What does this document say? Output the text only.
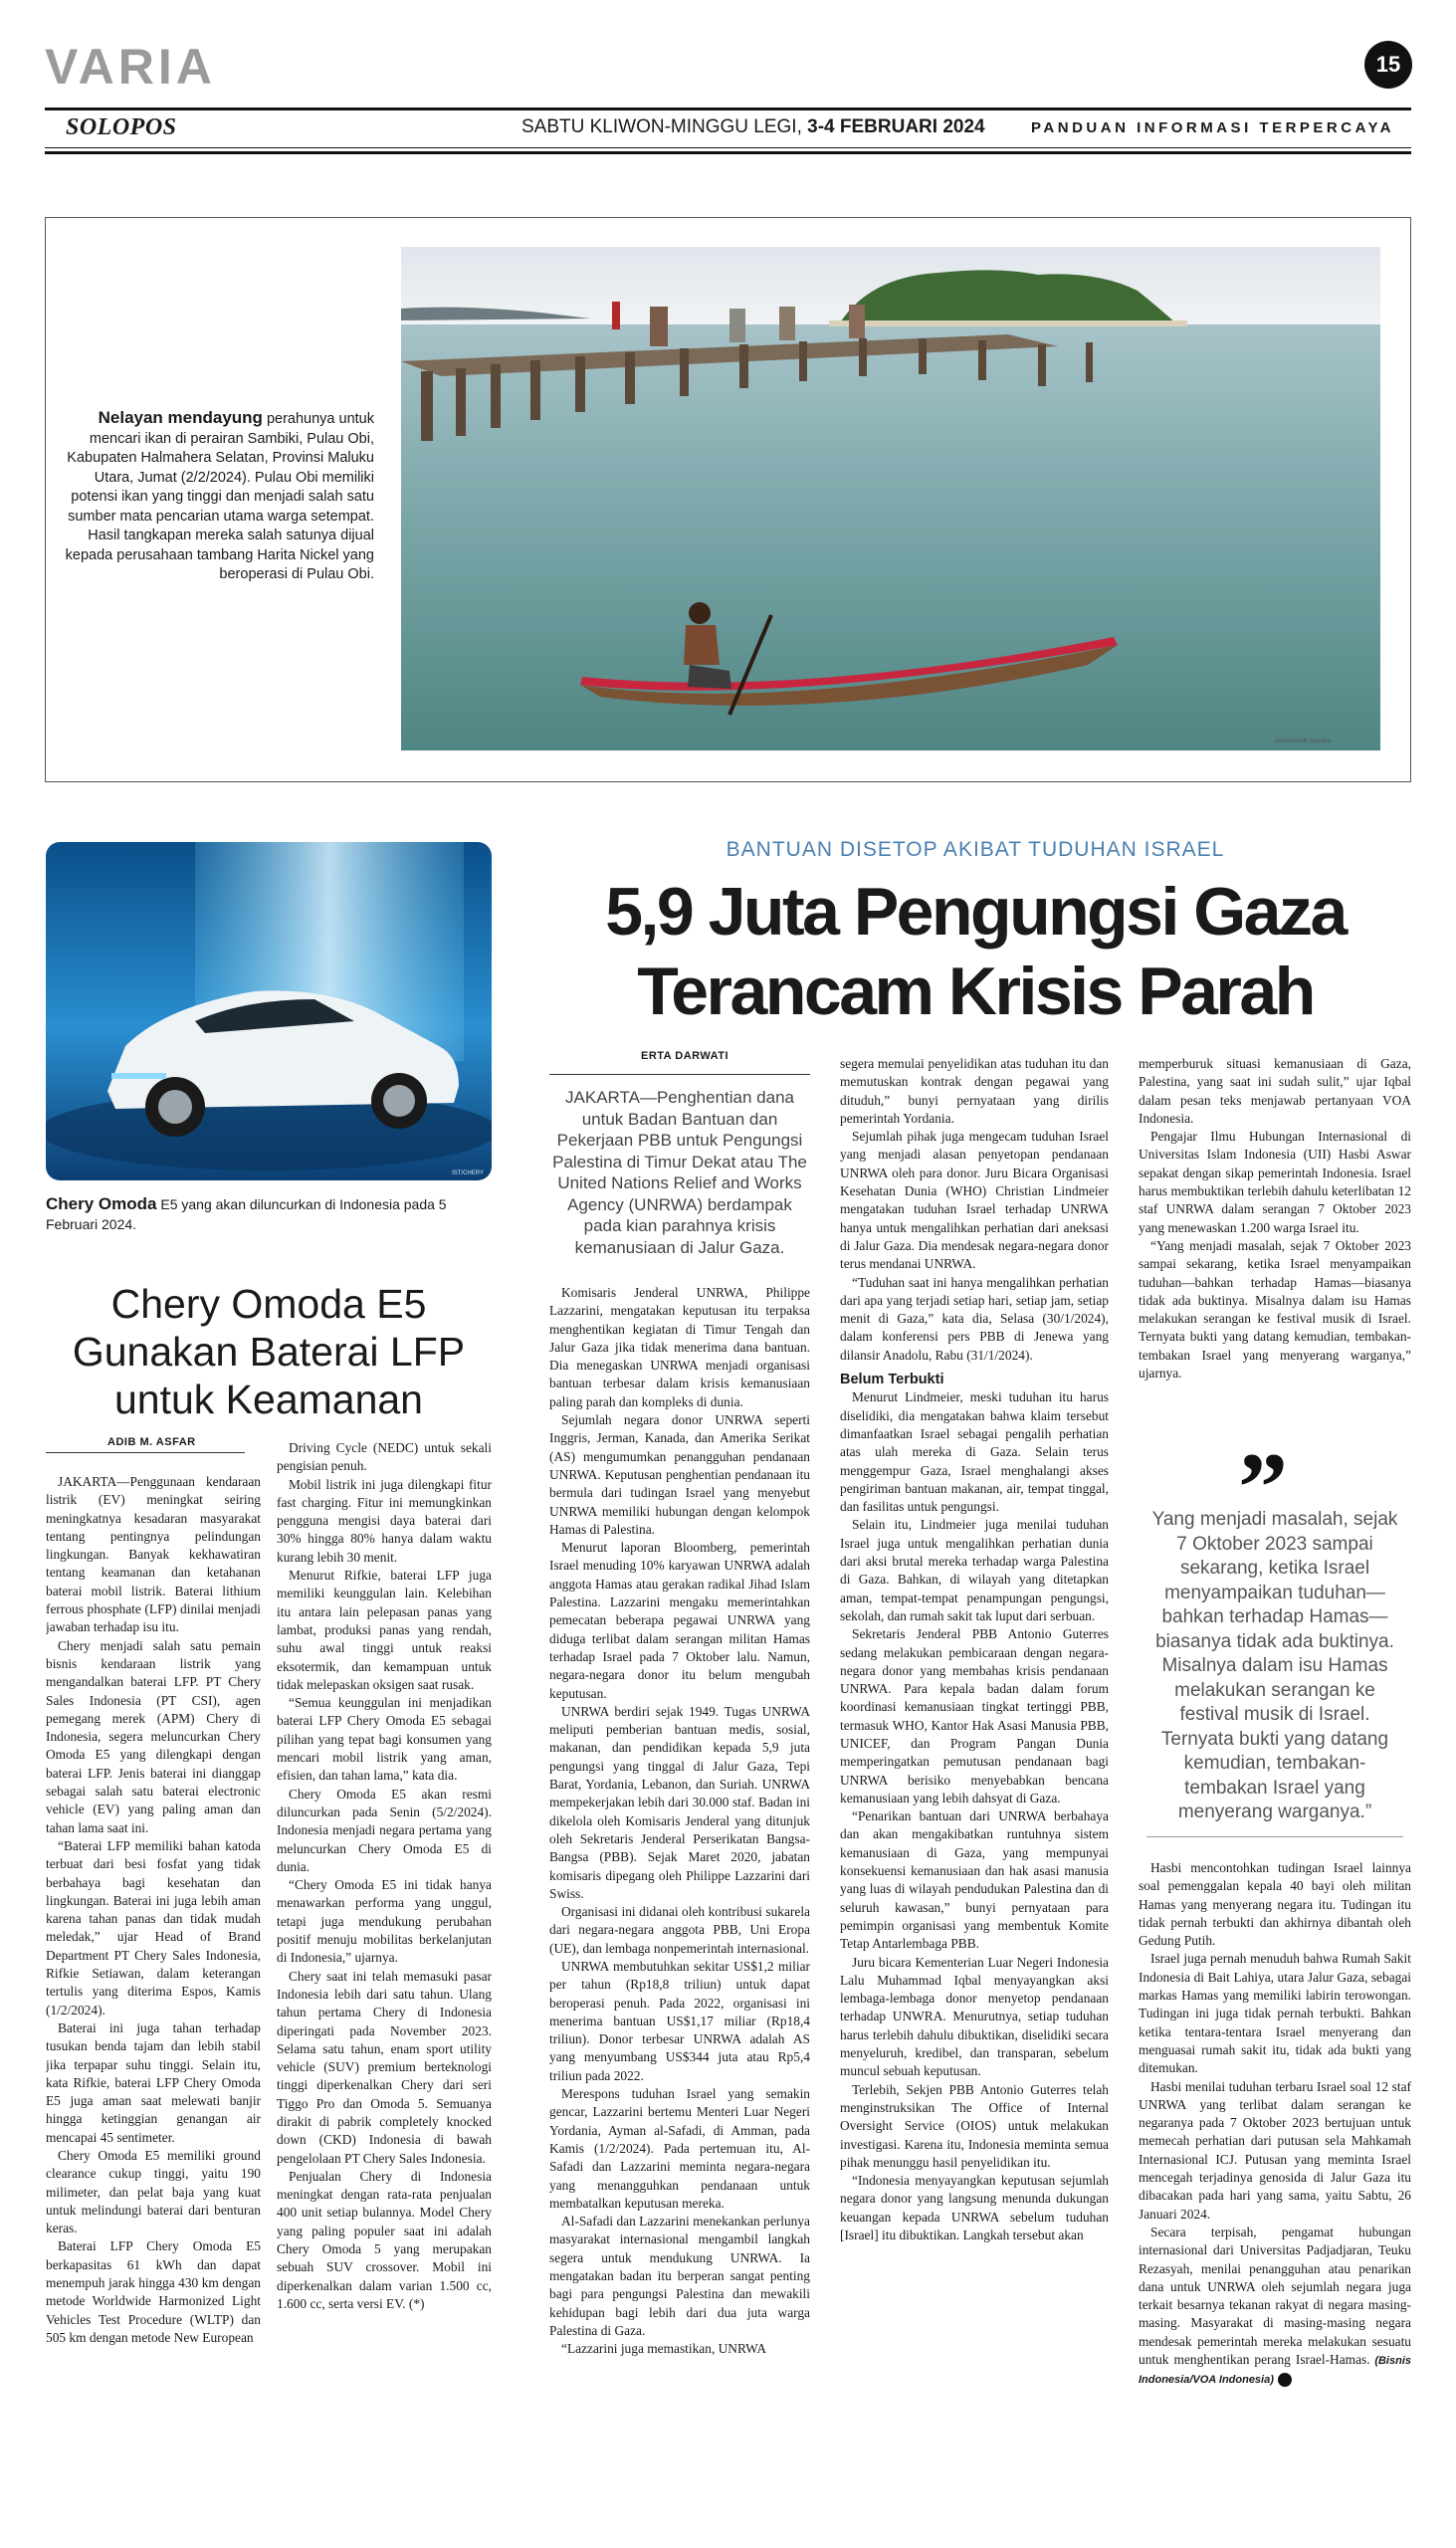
VARIA	15
SOLOPOS	SABTU KLIWON-MINGGU LEGI, 3-4 FEBRUARI 2024	PANDUAN INFORMASI TERPERCAYA
Nelayan mendayung perahunya untuk mencari ikan di perairan Sambiki, Pulau Obi, Kabupaten Halmahera Selatan, Provinsi Maluku Utara, Jumat (2/2/2024). Pulau Obi memiliki potensi ikan yang tinggi dan menjadi salah satu sumber mata pencarian utama warga setempat. Hasil tangkapan mereka salah satunya dijual kepada perusahaan tambang Harita Nickel yang beroperasi di Pulau Obi.
Antara/Andri Saputra
IST/CHERY
Chery Omoda E5 yang akan diluncurkan di Indonesia pada 5 Februari 2024.
Chery Omoda E5 Gunakan Baterai LFP untuk Keamanan
ADIB M. ASFAR

JAKARTA—Penggunaan kendaraan listrik (EV) meningkat seiring meningkatnya kesadaran masyarakat tentang pentingnya pelindungan lingkungan. Banyak kekhawatiran tentang keamanan dan ketahanan baterai mobil listrik. Baterai lithium ferrous phosphate (LFP) dinilai menjadi jawaban terhadap isu itu.

Chery menjadi salah satu pemain bisnis kendaraan listrik yang mengandalkan baterai LFP. PT Chery Sales Indonesia (PT CSI), agen pemegang merek (APM) Chery di Indonesia, segera meluncurkan Chery Omoda E5 yang dilengkapi dengan baterai LFP. Jenis baterai ini dianggap sebagai salah satu baterai electronic vehicle (EV) yang paling aman dan tahan lama saat ini.

“Baterai LFP memiliki bahan katoda terbuat dari besi fosfat yang tidak berbahaya bagi kesehatan dan lingkungan. Baterai ini juga lebih aman karena tahan panas dan tidak mudah meledak,” ujar Head of Brand Department PT Chery Sales Indonesia, Rifkie Setiawan, dalam keterangan tertulis yang diterima Espos, Kamis (1/2/2024).

Baterai ini juga tahan terhadap tusukan benda tajam dan lebih stabil jika terpapar suhu tinggi. Selain itu, kata Rifkie, baterai LFP Chery Omoda E5 juga aman saat melewati banjir hingga ketinggian genangan air mencapai 45 sentimeter.

Chery Omoda E5 memiliki ground clearance cukup tinggi, yaitu 190 milimeter, dan pelat baja yang kuat untuk melindungi baterai dari benturan keras.

Baterai LFP Chery Omoda E5 berkapasitas 61 kWh dan dapat menempuh jarak hingga 430 km dengan metode Worldwide Harmonized Light Vehicles Test Procedure (WLTP) dan 505 km dengan metode New European

Driving Cycle (NEDC) untuk sekali pengisian penuh.

Mobil listrik ini juga dilengkapi fitur fast charging. Fitur ini memungkinkan pengguna mengisi daya baterai dari 30% hingga 80% hanya dalam waktu kurang lebih 30 menit.

Menurut Rifkie, baterai LFP juga memiliki keunggulan lain. Kelebihan itu antara lain pelepasan panas yang lambat, produksi panas yang rendah, suhu awal tinggi untuk reaksi eksotermik, dan kemampuan untuk tidak melepaskan oksigen saat rusak.

“Semua keunggulan ini menjadikan baterai LFP Chery Omoda E5 sebagai pilihan yang tepat bagi konsumen yang mencari mobil listrik yang aman, efisien, dan tahan lama,” kata dia.

Chery Omoda E5 akan resmi diluncurkan pada Senin (5/2/2024). Indonesia menjadi negara pertama yang meluncurkan Chery Omoda E5 di dunia.

“Chery Omoda E5 ini tidak hanya menawarkan performa yang unggul, tetapi juga mendukung perubahan positif menuju mobilitas berkelanjutan di Indonesia,” ujarnya.

Chery saat ini telah memasuki pasar Indonesia lebih dari satu tahun. Ulang tahun pertama Chery di Indonesia diperingati pada November 2023. Selama satu tahun, enam sport utility vehicle (SUV) premium berteknologi tinggi diperkenalkan Chery dari seri Tiggo Pro dan Omoda 5. Semuanya dirakit di pabrik completely knocked down (CKD) Indonesia di bawah pengelolaan PT Chery Sales Indonesia.

Penjualan Chery di Indonesia meningkat dengan rata-rata penjualan 400 unit setiap bulannya. Model Chery yang paling populer saat ini adalah Chery Omoda 5 yang merupakan sebuah SUV crossover. Mobil ini diperkenalkan dalam varian 1.500 cc, 1.600 cc, serta versi EV. (*)

BANTUAN DISETOP AKIBAT TUDUHAN ISRAEL
5,9 Juta Pengungsi Gaza
Terancam Krisis Parah
ERTA DARWATI
JAKARTA—Penghentian dana untuk Badan Bantuan dan Pekerjaan PBB untuk Pengungsi Palestina di Timur Dekat atau The United Nations Relief and Works Agency (UNRWA) berdampak pada kian parahnya krisis kemanusiaan di Jalur Gaza.

Komisaris Jenderal UNRWA, Philippe Lazzarini, mengatakan keputusan itu terpaksa menghentikan kegiatan di Timur Tengah dan Jalur Gaza jika tidak menerima dana bantuan. Dia menegaskan UNRWA menjadi organisasi bantuan terbesar dalam krisis kemanusiaan paling parah dan kompleks di dunia.

Sejumlah negara donor UNRWA seperti Inggris, Jerman, Kanada, dan Amerika Serikat (AS) mengumumkan penangguhan pendanaan UNRWA. Keputusan penghentian pendanaan itu bermula dari tudingan Israel yang menyebut UNRWA memiliki hubungan dengan kelompok Hamas di Palestina.

Menurut laporan Bloomberg, pemerintah Israel menuding 10% karyawan UNRWA adalah anggota Hamas atau gerakan radikal Jihad Islam Palestina. Lazzarini mengaku memerintahkan pemecatan beberapa pegawai UNRWA yang diduga terlibat dalam serangan militan Hamas terhadap Israel pada 7 Oktober lalu. Namun, negara-negara donor itu belum mengubah keputusan.

UNRWA berdiri sejak 1949. Tugas UNRWA meliputi pemberian bantuan medis, sosial, makanan, dan pendidikan kepada 5,9 juta pengungsi yang tinggal di Jalur Gaza, Tepi Barat, Yordania, Lebanon, dan Suriah. UNRWA mempekerjakan lebih dari 30.000 staf. Badan ini dikelola oleh Komisaris Jenderal yang ditunjuk oleh Sekretaris Jenderal Perserikatan Bangsa-Bangsa (PBB). Sejak Maret 2020, jabatan komisaris dipegang oleh Philippe Lazzarini dari Swiss.

Organisasi ini didanai oleh kontribusi sukarela dari negara-negara anggota PBB, Uni Eropa (UE), dan lembaga nonpemerintah internasional.

UNRWA membutuhkan sekitar US$1,2 miliar per tahun (Rp18,8 triliun) untuk dapat beroperasi penuh. Pada 2022, organisasi ini menerima bantuan US$1,17 miliar (Rp18,4 triliun). Donor terbesar UNRWA adalah AS yang menyumbang US$344 juta atau Rp5,4 triliun pada 2022.

Merespons tuduhan Israel yang semakin gencar, Lazzarini bertemu Menteri Luar Negeri Yordania, Ayman al-Safadi, di Amman, pada Kamis (1/2/2024). Pada pertemuan itu, Al-Safadi dan Lazzarini meminta negara-negara yang menangguhkan pendanaan untuk membatalkan keputusan mereka.

Al-Safadi dan Lazzarini menekankan perlunya masyarakat internasional mengambil langkah segera untuk mendukung UNRWA. Ia mengatakan badan itu berperan sangat penting bagi para pengungsi Palestina dan mewakili kehidupan bagi lebih dari dua juta warga Palestina di Gaza.

“Lazzarini juga memastikan, UNRWA

segera memulai penyelidikan atas tuduhan itu dan memutuskan kontrak dengan pegawai yang dituduh,” bunyi pernyataan yang dirilis pemerintah Yordania.

Sejumlah pihak juga mengecam tuduhan Israel yang menjadi alasan penyetopan pendanaan UNRWA oleh para donor. Juru Bicara Organisasi Kesehatan Dunia (WHO) Christian Lindmeier mengatakan tuduhan Israel terhadap UNRWA hanya untuk mengalihkan perhatian dari aneksasi di Jalur Gaza. Dia mendesak negara-negara donor terus mendanai UNRWA.

“Tuduhan saat ini hanya mengalihkan perhatian dari apa yang terjadi setiap hari, setiap jam, setiap menit di Gaza,” kata dia, Selasa (30/1/2024), dalam konferensi pers PBB di Jenewa yang dilansir Anadolu, Rabu (31/1/2024).

Belum Terbukti

Menurut Lindmeier, meski tuduhan itu harus diselidiki, dia mengatakan bahwa klaim tersebut dimanfaatkan Israel sebagai pengalih perhatian atas ulah mereka di Gaza. Selain terus menggempur Gaza, Israel menghalangi akses pengiriman bantuan makanan, air, tempat tinggal, dan fasilitas untuk pengungsi.

Selain itu, Lindmeier juga menilai tuduhan Israel juga untuk mengalihkan perhatian dunia dari aksi brutal mereka terhadap warga Palestina di Gaza. Bahkan, di wilayah yang ditetapkan aman, tempat-tempat penampungan pengungsi, sekolah, dan rumah sakit tak luput dari serbuan.

Sekretaris Jenderal PBB Antonio Guterres sedang melakukan pembicaraan dengan negara-negara donor yang membahas krisis pendanaan UNRWA. Para kepala badan dalam forum koordinasi kemanusiaan tingkat tertinggi PBB, termasuk WHO, Kantor Hak Asasi Manusia PBB, UNICEF, dan Program Pangan Dunia memperingatkan pemutusan pendanaan bagi UNRWA berisiko menyebabkan bencana kemanusiaan yang lebih dahsyat di Gaza.

“Penarikan bantuan dari UNRWA berbahaya dan akan mengakibatkan runtuhnya sistem kemanusiaan di Gaza, yang mempunyai konsekuensi kemanusiaan dan hak asasi manusia yang luas di wilayah pendudukan Palestina dan di seluruh kawasan,” bunyi pernyataan para pemimpin organisasi yang membentuk Komite Tetap Antarlembaga PBB.

Juru bicara Kementerian Luar Negeri Indonesia Lalu Muhammad Iqbal menyayangkan aksi lembaga-lembaga donor menyetop pendanaan terhadap UNWRA. Menurutnya, setiap tuduhan harus terlebih dahulu dibuktikan, diselidiki secara menyeluruh, kredibel, dan transparan, sebelum muncul sebuah keputusan.

Terlebih, Sekjen PBB Antonio Guterres telah menginstruksikan The Office of Internal Oversight Service (OIOS) untuk melakukan investigasi. Karena itu, Indonesia meminta semua pihak menunggu hasil penyelidikan itu.

“Indonesia menyayangkan keputusan sejumlah negara donor yang langsung menunda dukungan keuangan kepada UNRWA sebelum tuduhan [Israel] itu dibuktikan. Langkah tersebut akan

memperburuk situasi kemanusiaan di Gaza, Palestina, yang saat ini sudah sulit,” ujar Iqbal dalam pesan teks menjawab pertanyaan VOA Indonesia.

Pengajar Ilmu Hubungan Internasional di Universitas Islam Indonesia (UII) Hasbi Aswar sepakat dengan sikap pemerintah Indonesia. Israel harus membuktikan terlebih dahulu keterlibatan 12 staf UNRWA dalam serangan 7 Oktober 2023 yang menewaskan 1.200 warga Israel itu.

“Yang menjadi masalah, sejak 7 Oktober 2023 sampai sekarang, ketika Israel menyampaikan tuduhan—bahkan terhadap Hamas—biasanya tidak ada buktinya. Misalnya dalam isu Hamas melakukan serangan ke festival musik di Israel. Ternyata bukti yang datang kemudian, tembakan-tembakan Israel yang menyerang warganya,” ujarnya.

”
Yang menjadi masalah, sejak 7 Oktober 2023 sampai sekarang, ketika Israel menyampaikan tuduhan—bahkan terhadap Hamas—biasanya tidak ada buktinya. Misalnya dalam isu Hamas melakukan serangan ke festival musik di Israel. Ternyata bukti yang datang kemudian, tembakan-tembakan Israel yang menyerang warganya.”

Hasbi mencontohkan tudingan Israel lainnya soal pemenggalan kepala 40 bayi oleh militan Hamas yang menyerang negara itu. Tudingan itu tidak pernah terbukti dan akhirnya dibantah oleh Gedung Putih.

Israel juga pernah menuduh bahwa Rumah Sakit Indonesia di Bait Lahiya, utara Jalur Gaza, sebagai markas Hamas yang memiliki labirin terowongan. Tudingan ini juga tidak pernah terbukti. Bahkan ketika tentara-tentara Israel menyerang dan menguasai rumah sakit itu, tidak ada bukti yang ditemukan.

Hasbi menilai tuduhan terbaru Israel soal 12 staf UNRWA yang terlibat dalam serangan ke negaranya pada 7 Oktober 2023 bertujuan untuk memecah perhatian dari putusan sela Mahkamah Internasional ICJ. Putusan yang meminta Israel mencegah terjadinya genosida di Jalur Gaza itu dibacakan pada hari yang sama, yaitu Sabtu, 26 Januari 2024.

Secara terpisah, pengamat hubungan internasional dari Universitas Padjadjaran, Teuku Rezasyah, menilai penangguhan atau penarikan dana untuk UNRWA oleh sejumlah negara juga terkait besarnya tekanan rakyat di negara masing-masing. Masyarakat di masing-masing negara mendesak pemerintah mereka melakukan sesuatu untuk menghentikan perang Israel-Hamas. (Bisnis Indonesia/VOA Indonesia)
